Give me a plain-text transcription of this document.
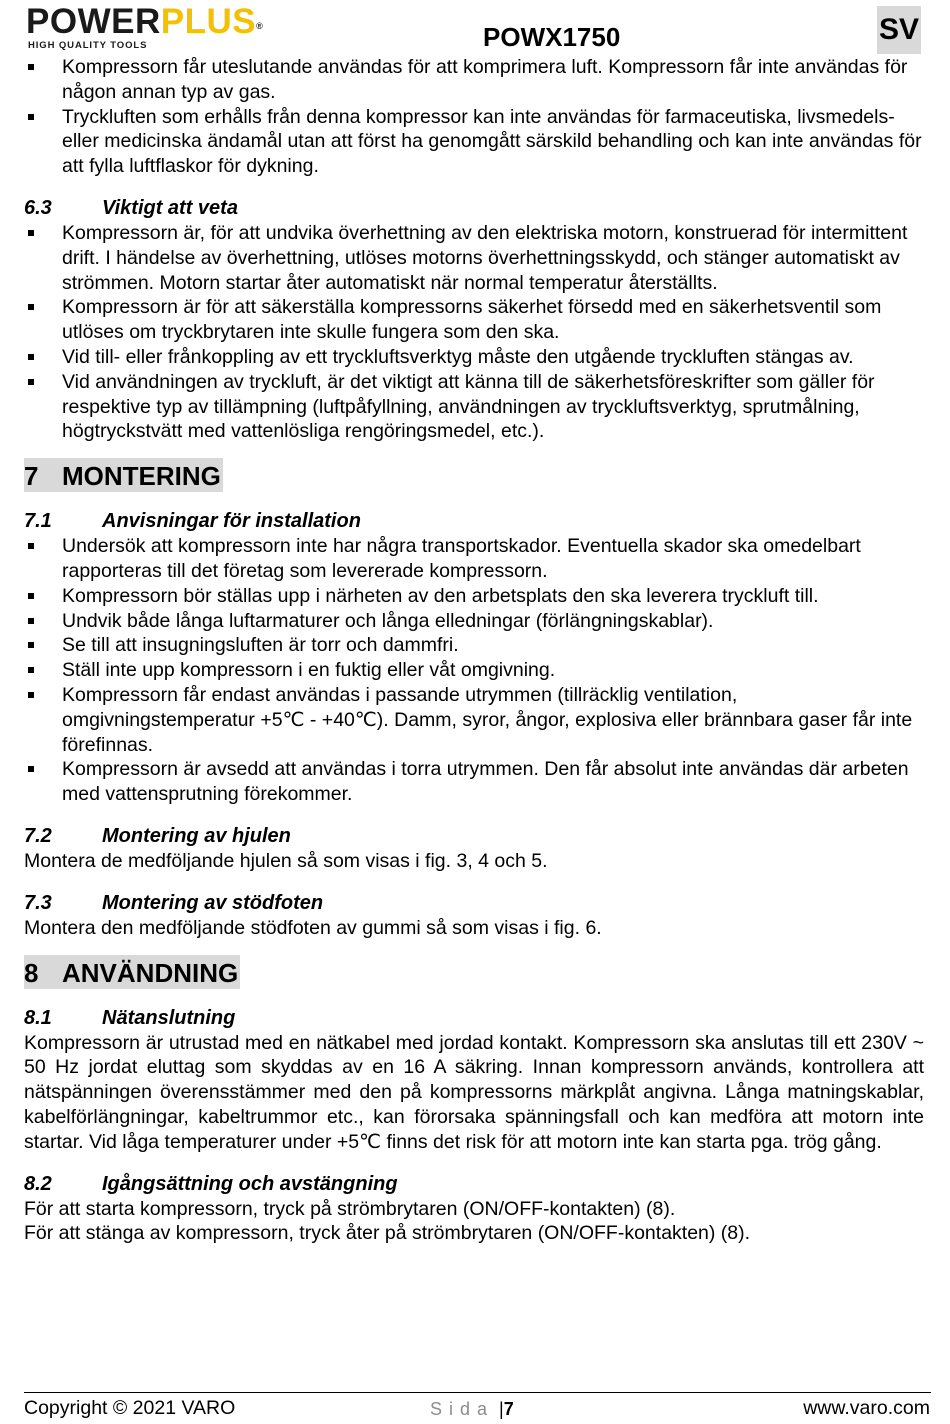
POWERPLUS®
HIGH QUALITY TOOLS	POWX1750	SV
Kompressorn får uteslutande användas för att komprimera luft. Kompressorn får inte användas för någon annan typ av gas.
Tryckluften som erhålls från denna kompressor kan inte användas för farmaceutiska, livsmedels- eller medicinska ändamål utan att först ha genomgått särskild behandling och kan inte användas för att fylla luftflaskor för dykning.
6.3	Viktigt att veta
Kompressorn är, för att undvika överhettning av den elektriska motorn, konstruerad för intermittent drift. I händelse av överhettning, utlöses motorns överhettningsskydd, och stänger automatiskt av strömmen. Motorn startar åter automatiskt när normal temperatur återställts.
Kompressorn är för att säkerställa kompressorns säkerhet försedd med en säkerhetsventil som utlöses om tryckbrytaren inte skulle fungera som den ska.
Vid till- eller frånkoppling av ett tryckluftsverktyg måste den utgående tryckluften stängas av.
Vid användningen av tryckluft, är det viktigt att känna till de säkerhetsföreskrifter som gäller för respektive typ av tillämpning (luftpåfyllning, användningen av tryckluftsverktyg, sprutmålning, högtryckstvätt med vattenlösliga rengöringsmedel, etc.).
7 MONTERING
7.1	Anvisningar för installation
Undersök att kompressorn inte har några transportskador. Eventuella skador ska omedelbart rapporteras till det företag som levererade kompressorn.
Kompressorn bör ställas upp i närheten av den arbetsplats den ska leverera tryckluft till.
Undvik både långa luftarmaturer och långa elledningar (förlängningskablar).
Se till att insugningsluften är torr och dammfri.
Ställ inte upp kompressorn i en fuktig eller våt omgivning.
Kompressorn får endast användas i passande utrymmen (tillräcklig ventilation, omgivningstemperatur +5℃ - +40℃). Damm, syror, ångor, explosiva eller brännbara gaser får inte förefinnas.
Kompressorn är avsedd att användas i torra utrymmen. Den får absolut inte användas där arbeten med vattensprutning förekommer.
7.2	Montering av hjulen

Montera de medföljande hjulen så som visas i fig. 3, 4 och 5.

7.3	Montering av stödfoten

Montera den medföljande stödfoten av gummi så som visas i fig. 6.

8 ANVÄNDNING
8.1	Nätanslutning

Kompressorn är utrustad med en nätkabel med jordad kontakt. Kompressorn ska anslutas till ett 230V ~ 50 Hz jordat eluttag som skyddas av en 16 A säkring. Innan kompressorn används, kontrollera att nätspänningen överensstämmer med den på kompressorns märkplåt angivna. Långa matningskablar, kabelförlängningar, kabeltrummor etc., kan förorsaka spänningsfall och kan medföra att motorn inte startar. Vid låga temperaturer under +5℃ finns det risk för att motorn inte kan starta pga. trög gång.

8.2	Igångsättning och avstängning

För att starta kompressorn, tryck på strömbrytaren (ON/OFF-kontakten) (8).

För att stänga av kompressorn, tryck åter på strömbrytaren (ON/OFF-kontakten) (8).

Copyright © 2021 VARO	Sida |7	www.varo.com
